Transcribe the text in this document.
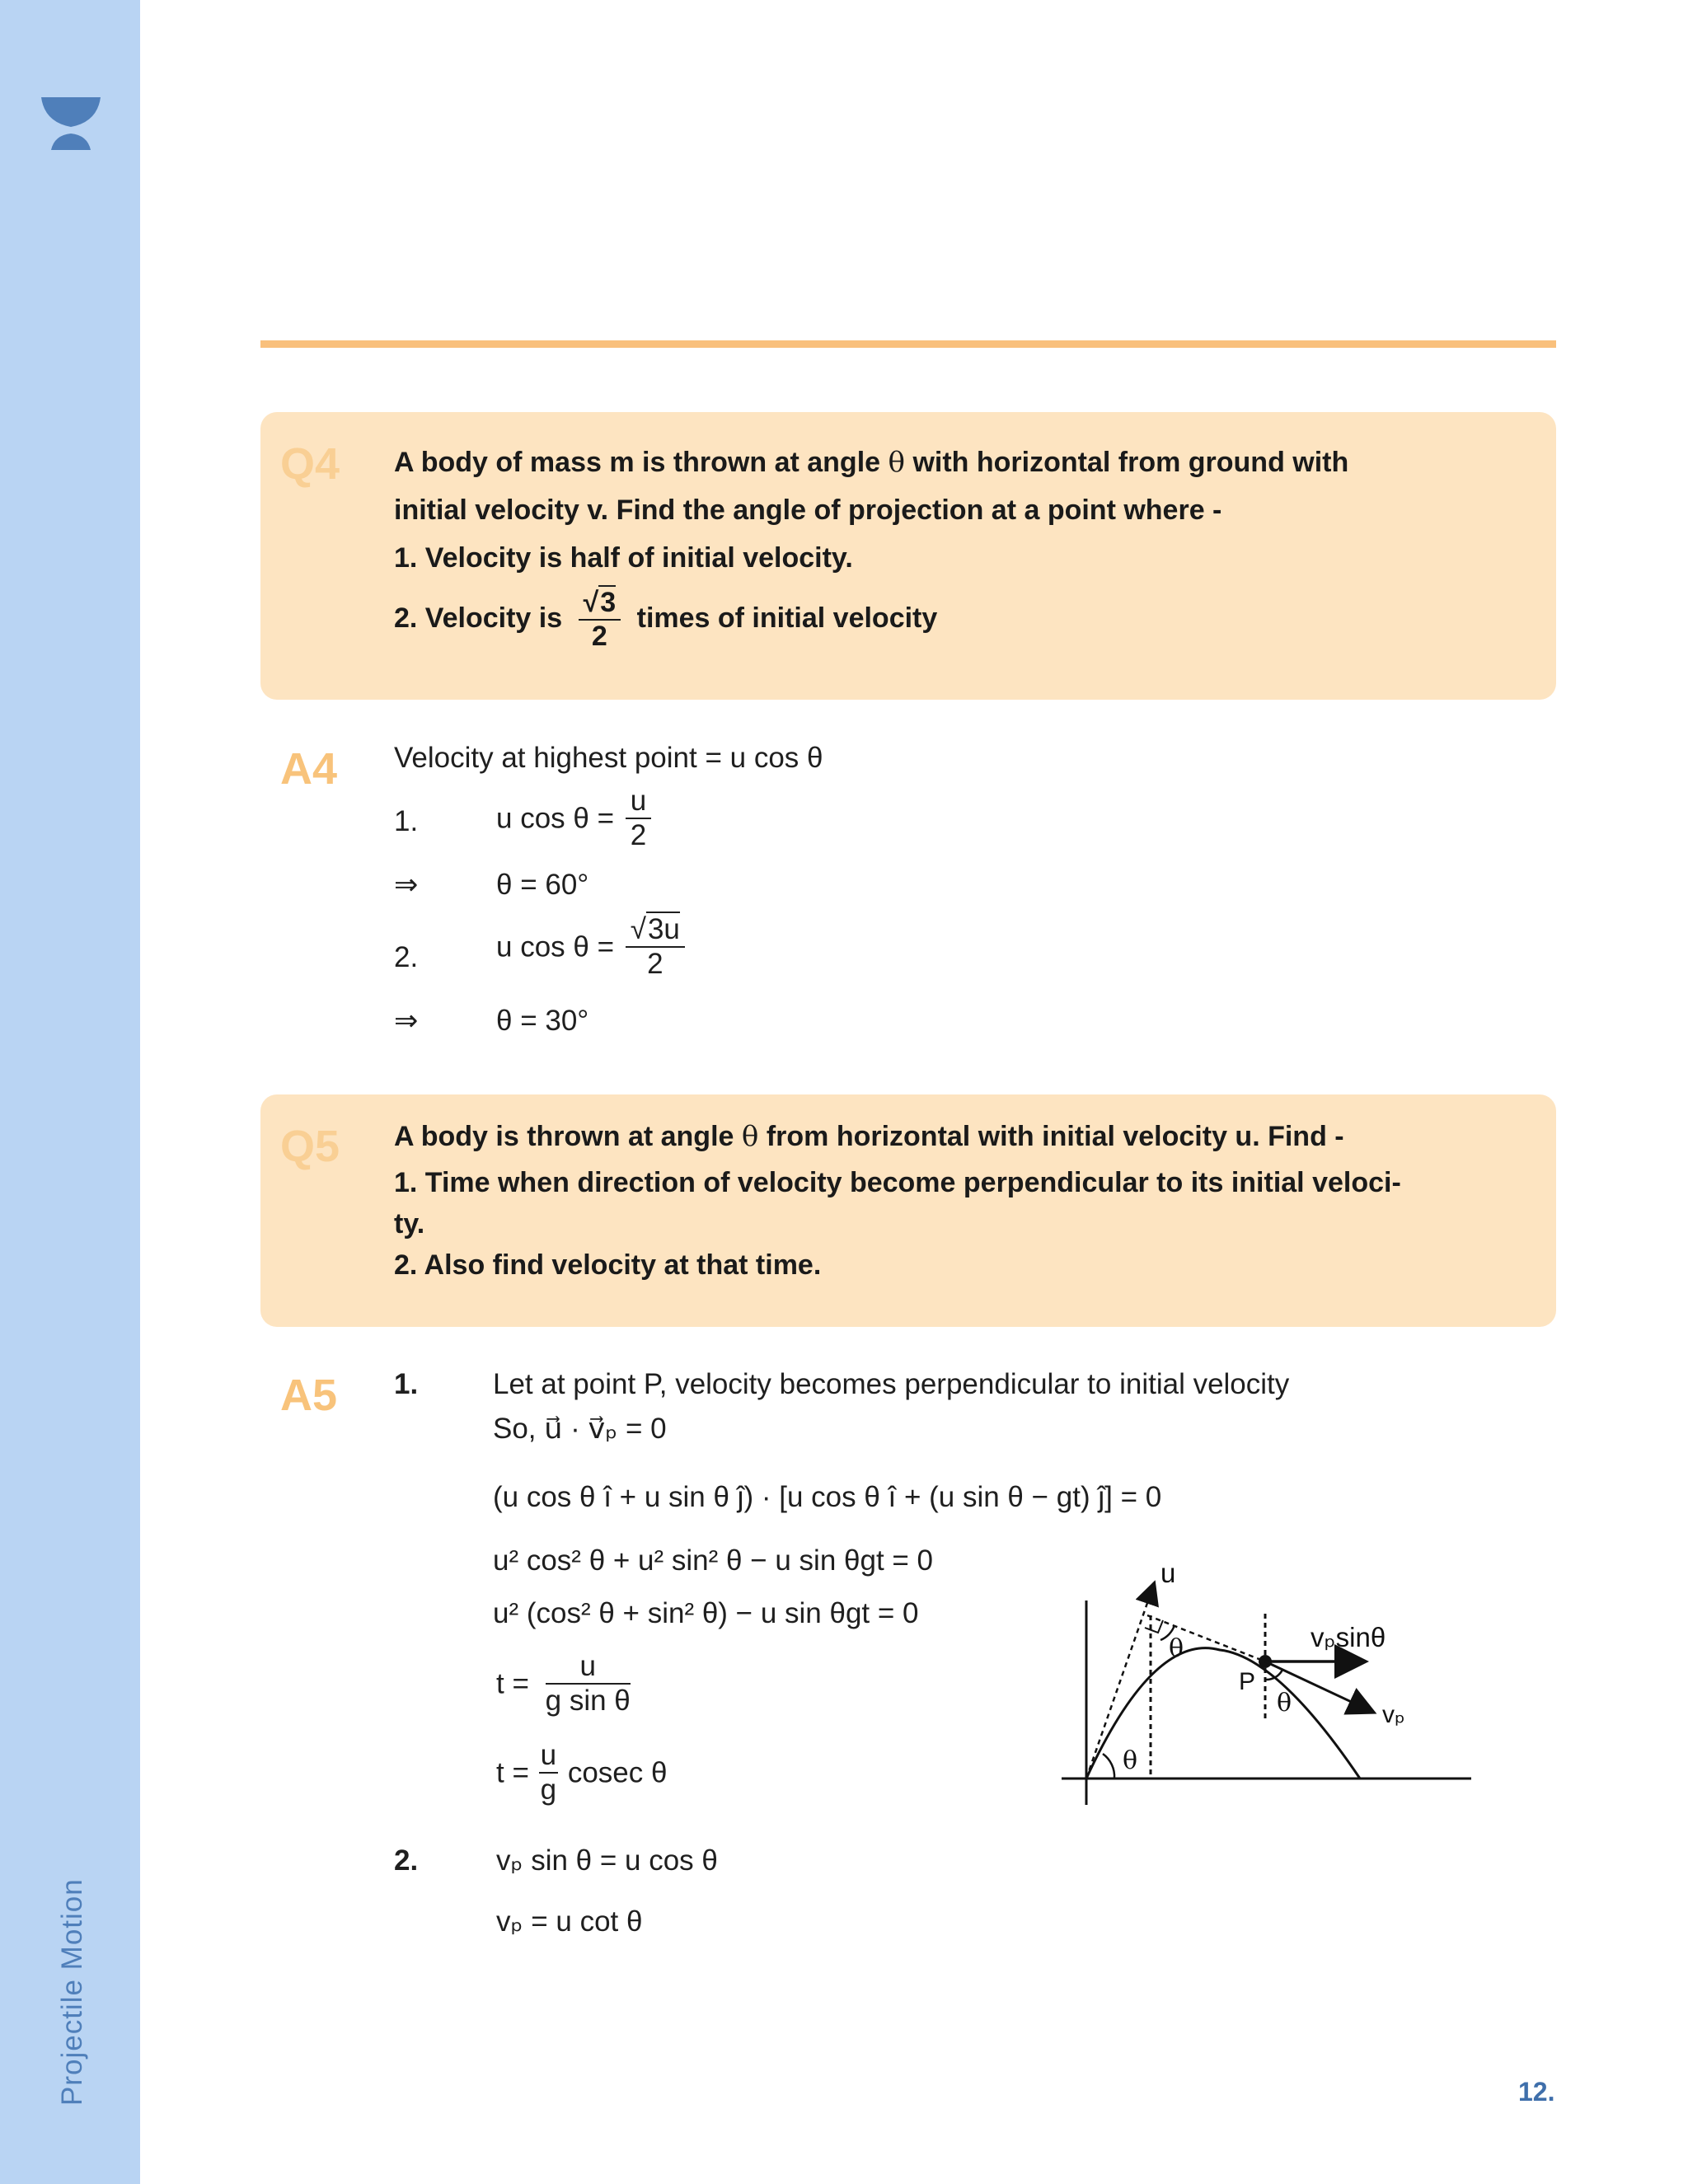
Projectile Motion
Q4 A body of mass m is thrown at angle θ with horizontal from ground with
initial velocity v. Find the angle of projection at a point where -
1. Velocity is half of initial velocity.
2. Velocity is $\frac{√3}{2}$ times of initial velocity
A4 Velocity at highest point = u cos θ
1.	u $\cos \theta = \frac{u}{2}$
⇒	θ = 60°
2.	u $\cos \theta = \frac{√3u}{2}$
⇒	θ = 30°
Q5 A body is thrown at angle θ from horizontal with initial velocity u. Find -
1. Time when direction of velocity become perpendicular to its initial veloci-
ty.
2. Also find velocity at that time.
A5 1.	Let at point P, velocity becomes perpendicular to initial velocity
So, u⃗ · v⃗ₚ = 0
(u cos θ î + u sin θ ĵ) · [u cos θ î + (u sin θ − gt) ĵ] = 0
u² cos² θ + u² sin² θ − u sin θgt = 0
u² (cos² θ + sin² θ) − u sin θgt = 0
$t = \frac{u}{\text{g sin θ}}$
$t = \frac{u}{g}$ cosec θ
2.	vₚ sin θ = u cos θ
vₚ = u cot θ
u
θ
θ
θ
P
vₚsinθ
vₚ
12.
